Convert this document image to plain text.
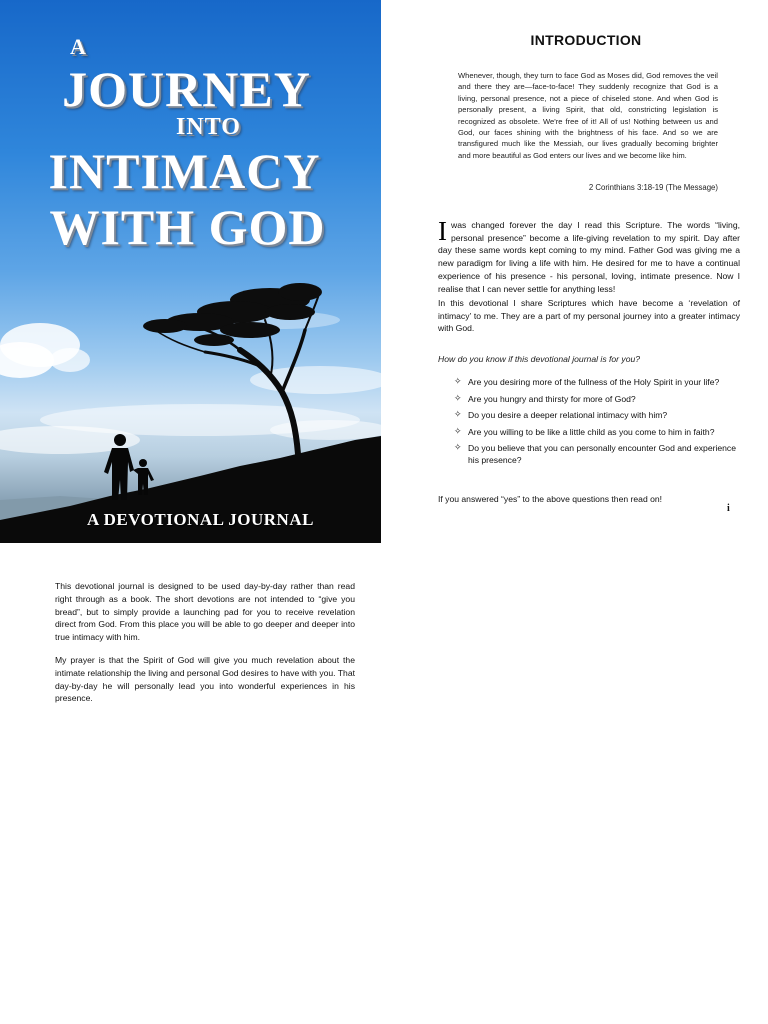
A
JOURNEY
INTO
INTIMACY
WITH GOD
A DEVOTIONAL JOURNAL
INTRODUCTION
Whenever, though, they turn to face God as Moses did, God removes the veil and there they are—face-to-face! They suddenly recognize that God is a living, personal presence, not a piece of chiseled stone. And when God is personally present, a living Spirit, that old, constricting legislation is recognized as obsolete. We're free of it! All of us! Nothing between us and God, our faces shining with the brightness of his face. And so we are transfigured much like the Messiah, our lives gradually becoming brighter and more beautiful as God enters our lives and we become like him.
2 Corinthians 3:18-19 (The Message)
I was changed forever the day I read this Scripture. The words “living, personal presence” become a life-giving revelation to my spirit. Day after day these same words kept coming to my mind. Father God was giving me a new paradigm for living a life with him. He desired for me to have a continual experience of his presence - his personal, loving, intimate presence. Now I realise that I can never settle for anything less!
In this devotional I share Scriptures which have become a ‘revelation of intimacy’ to me. They are a part of my personal journey into a greater intimacy with God.
How do you know if this devotional journal is for you?
✧ Are you desiring more of the fullness of the Holy Spirit in your life?
✧ Are you hungry and thirsty for more of God?
✧ Do you desire a deeper relational intimacy with him?
✧ Are you willing to be like a little child as you come to him in faith?
✧ Do you believe that you can personally encounter God and experience his presence?
If you answered “yes” to the above questions then read on!
i

This devotional journal is designed to be used day-by-day rather than read right through as a book. The short devotions are not intended to “give you bread”, but to simply provide a launching pad for you to receive revelation direct from God. From this place you will be able to go deeper and deeper into true intimacy with him.

My prayer is that the Spirit of God will give you much revelation about the intimate relationship the living and personal God desires to have with you. That day-by-day he will personally lead you into wonderful experiences in his presence.
